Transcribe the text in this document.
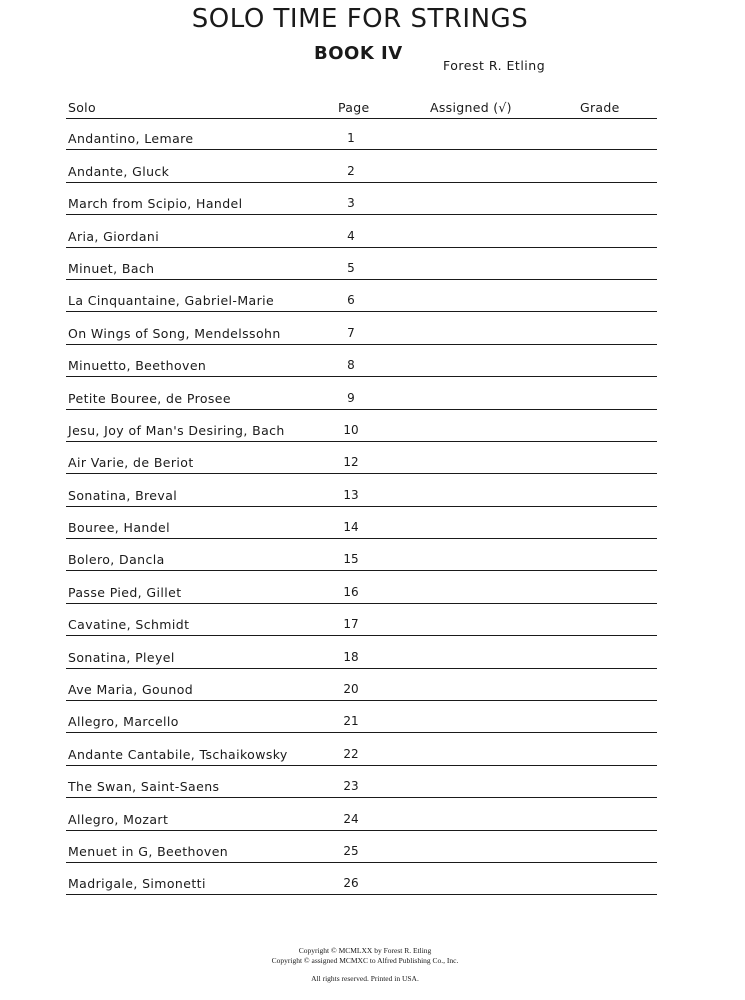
SOLO TIME FOR STRINGS
BOOK IV
Forest R. Etling
Solo	Page	Assigned (√)	Grade
Andantino, Lemare	1
Andante, Gluck	2
March from Scipio, Handel	3
Aria, Giordani	4
Minuet, Bach	5
La Cinquantaine, Gabriel-Marie	6
On Wings of Song, Mendelssohn	7
Minuetto, Beethoven	8
Petite Bouree, de Prosee	9
Jesu, Joy of Man's Desiring, Bach	10
Air Varie, de Beriot	12
Sonatina, Breval	13
Bouree, Handel	14
Bolero, Dancla	15
Passe Pied, Gillet	16
Cavatine, Schmidt	17
Sonatina, Pleyel	18
Ave Maria, Gounod	20
Allegro, Marcello	21
Andante Cantabile, Tschaikowsky	22
The Swan, Saint-Saens	23
Allegro, Mozart	24
Menuet in G, Beethoven	25
Madrigale, Simonetti	26
Copyright © MCMLXX by Forest R. Etling
Copyright © assigned MCMXC to Alfred Publishing Co., Inc.
All rights reserved. Printed in USA.
